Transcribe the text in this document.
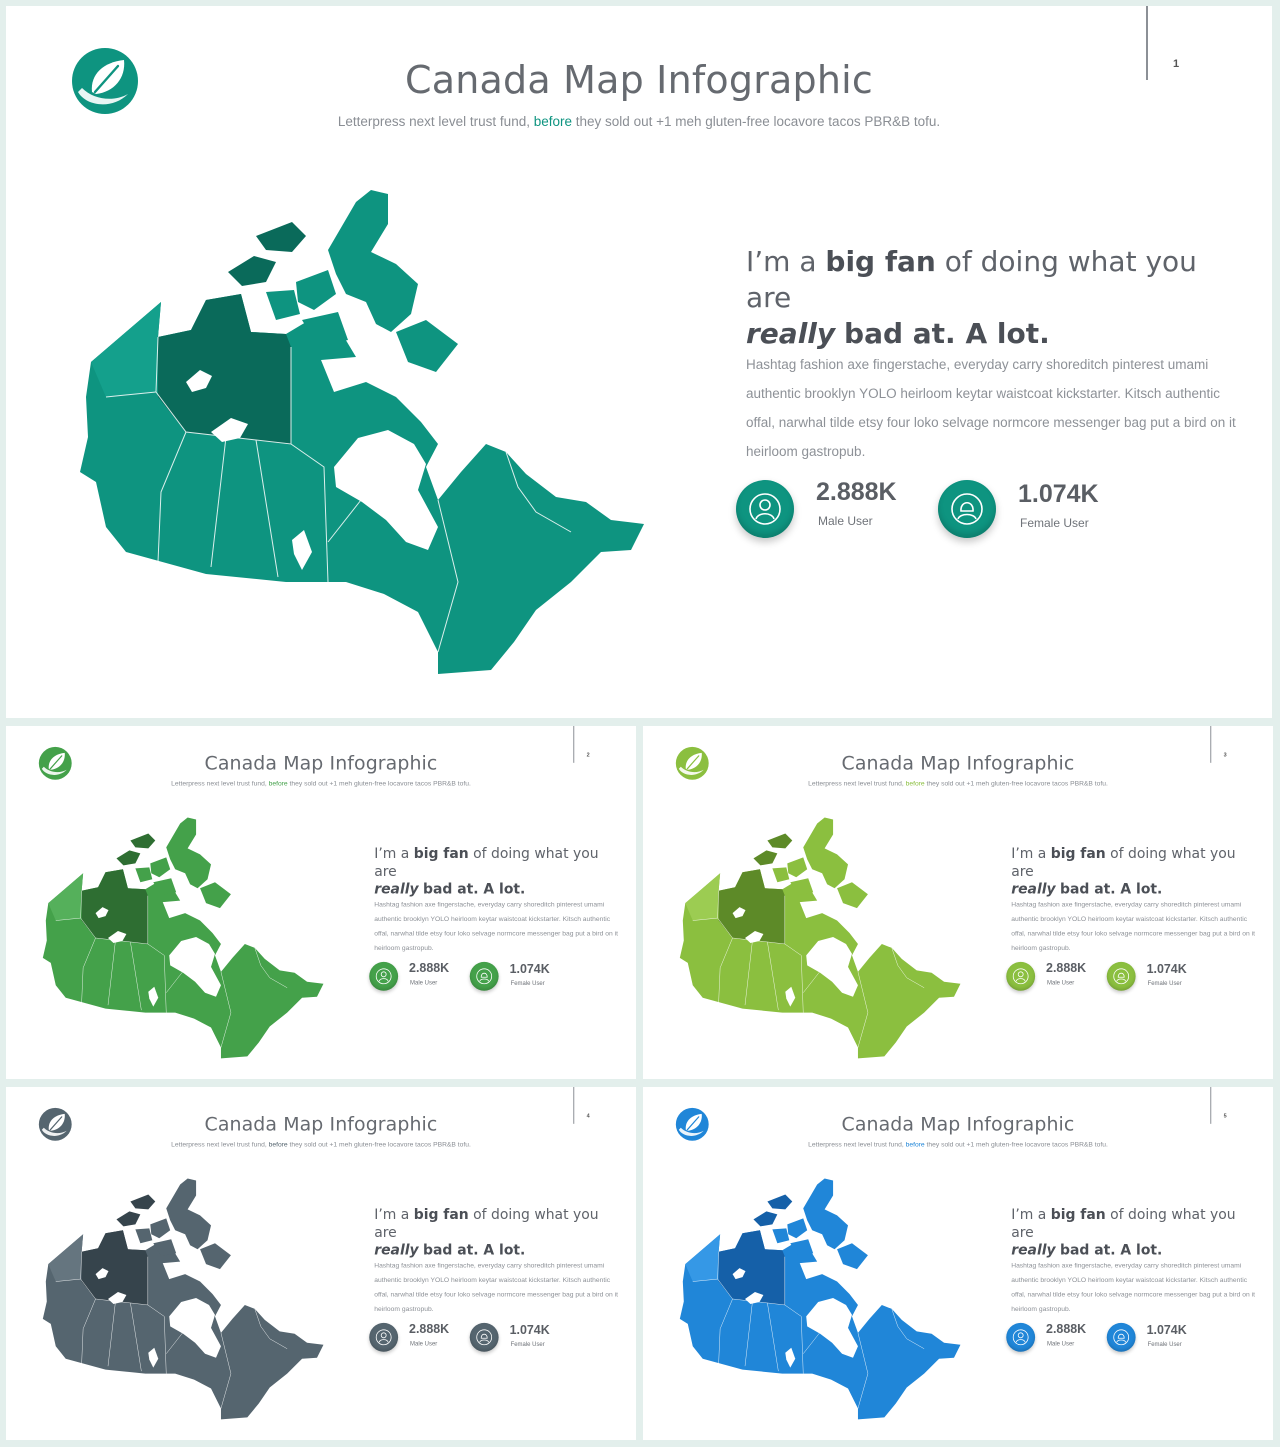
Canada Map Infographic
Letterpress next level trust fund, before they sold out +1 meh gluten-free locavore tacos PBR&B tofu.
1
I’m a big fan of doing what you are
really bad at. A lot.
Hashtag fashion axe fingerstache, everyday carry shoreditch pinterest umami authentic brooklyn YOLO heirloom keytar waistcoat kickstarter. Kitsch authentic offal, narwhal tilde etsy four loko selvage normcore messenger bag put a bird on it heirloom gastropub.
2.888K
Male User
1.074K
Female User
Canada Map Infographic
Letterpress next level trust fund, before they sold out +1 meh gluten-free locavore tacos PBR&B tofu.
2
I’m a big fan of doing what you are
really bad at. A lot.
Hashtag fashion axe fingerstache, everyday carry shoreditch pinterest umami authentic brooklyn YOLO heirloom keytar waistcoat kickstarter. Kitsch authentic offal, narwhal tilde etsy four loko selvage normcore messenger bag put a bird on it heirloom gastropub.
2.888K
Male User
1.074K
Female User
Canada Map Infographic
Letterpress next level trust fund, before they sold out +1 meh gluten-free locavore tacos PBR&B tofu.
3
I’m a big fan of doing what you are
really bad at. A lot.
Hashtag fashion axe fingerstache, everyday carry shoreditch pinterest umami authentic brooklyn YOLO heirloom keytar waistcoat kickstarter. Kitsch authentic offal, narwhal tilde etsy four loko selvage normcore messenger bag put a bird on it heirloom gastropub.
2.888K
Male User
1.074K
Female User
Canada Map Infographic
Letterpress next level trust fund, before they sold out +1 meh gluten-free locavore tacos PBR&B tofu.
4
I’m a big fan of doing what you are
really bad at. A lot.
Hashtag fashion axe fingerstache, everyday carry shoreditch pinterest umami authentic brooklyn YOLO heirloom keytar waistcoat kickstarter. Kitsch authentic offal, narwhal tilde etsy four loko selvage normcore messenger bag put a bird on it heirloom gastropub.
2.888K
Male User
1.074K
Female User
Canada Map Infographic
Letterpress next level trust fund, before they sold out +1 meh gluten-free locavore tacos PBR&B tofu.
5
I’m a big fan of doing what you are
really bad at. A lot.
Hashtag fashion axe fingerstache, everyday carry shoreditch pinterest umami authentic brooklyn YOLO heirloom keytar waistcoat kickstarter. Kitsch authentic offal, narwhal tilde etsy four loko selvage normcore messenger bag put a bird on it heirloom gastropub.
2.888K
Male User
1.074K
Female User
